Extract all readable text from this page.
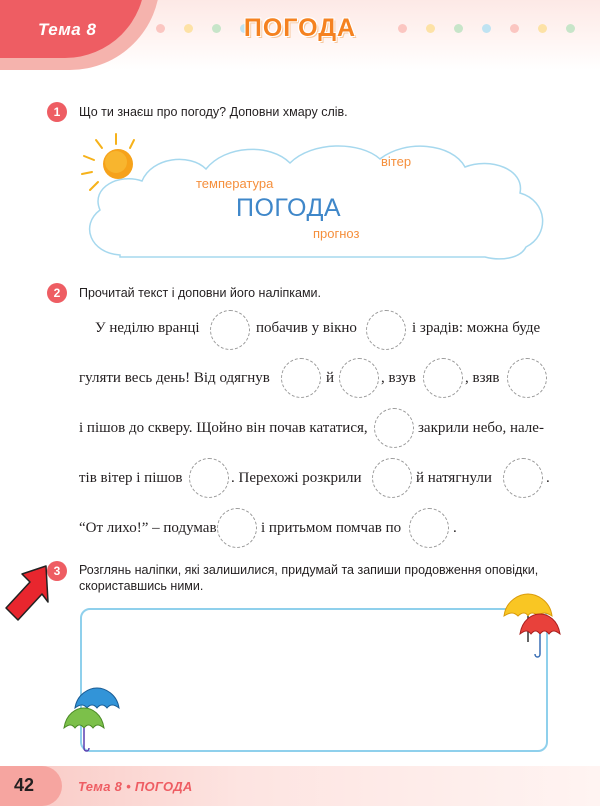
Тема 8	ПОГОДА
1	Що ти знаєш про погоду? Доповни хмару слів.
вітер
температура
ПОГОДА
прогноз
2	Прочитай текст і доповни його наліпками.
У неділю вранці	побачив у вікно	і зрадів: можна буде
гуляти весь день! Від одягнув	й	, взув	, взяв
і пішов до скверу. Щойно він почав кататися,	закрили небо, нале-
тів вітер і пішов	. Перехожі розкрили	й натягнули	.
“От лихо!” – подумав	і притьмом помчав по	.
3	Розглянь наліпки, які залишилися, придумай та запиши продовження оповідки,
скориставшись ними.
42	Тема 8 • ПОГОДА
